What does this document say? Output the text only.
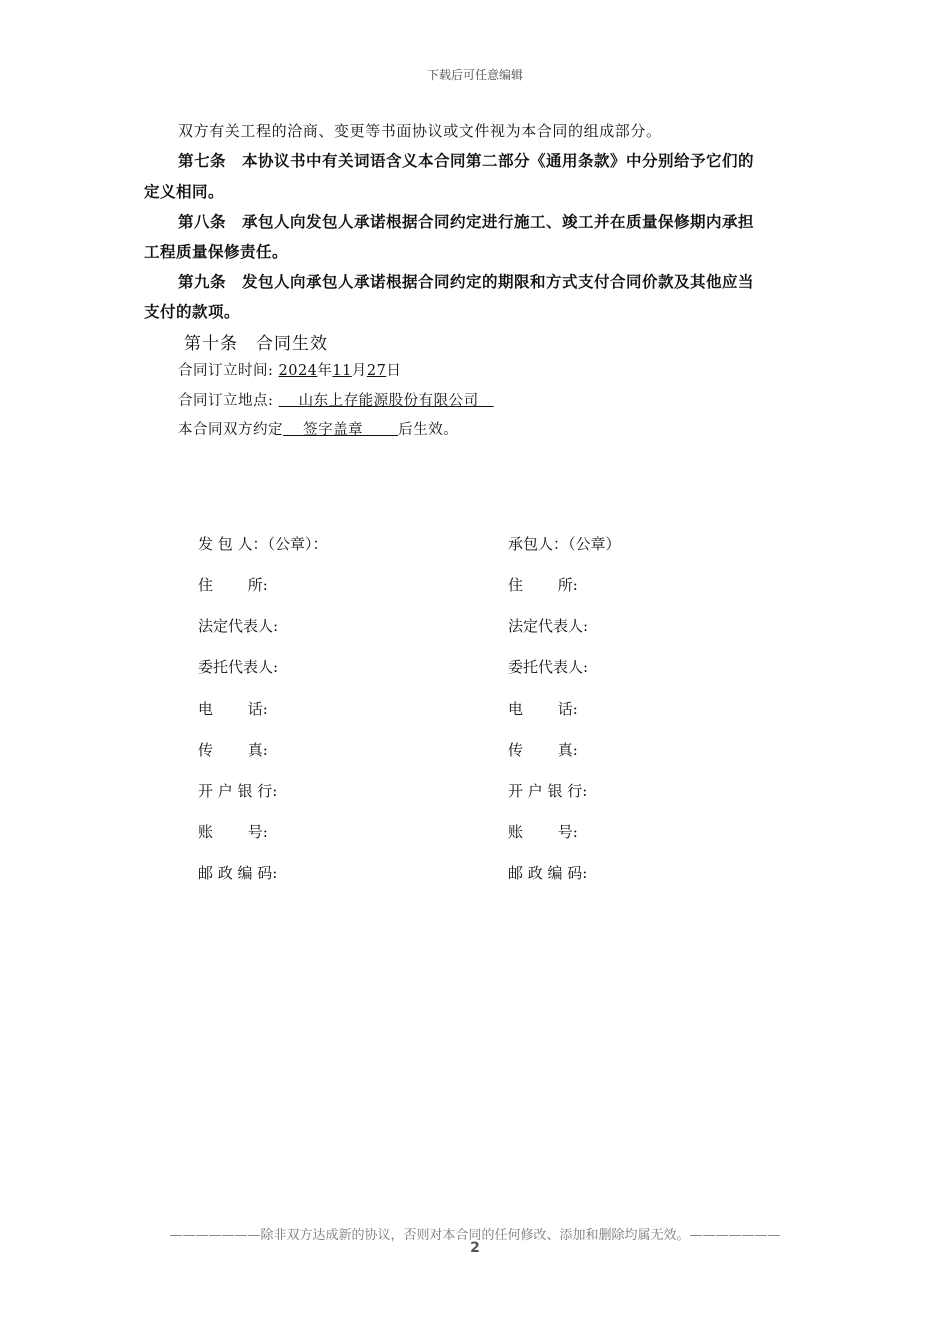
下载后可任意编辑
双方有关工程的洽商、变更等书面协议或文件视为本合同的组成部分。
第七条　本协议书中有关词语含义本合同第二部分《通用条款》中分别给予它们的
定义相同。
第八条　承包人向发包人承诺根据合同约定进行施工、竣工并在质量保修期内承担
工程质量保修责任。
第九条　发包人向承包人承诺根据合同约定的期限和方式支付合同价款及其他应当
支付的款项。
第十条　合同生效
合同订立时间: 2024年11月27日
合同订立地点: 　 山东上存能源股份有限公司　
本合同双方约定　 签字盖章　　 后生效。
发 包 人：（公章）：
住　　 所:
法定代表人:
委托代表人:
电　　 话:
传　　 真:
开 户 银 行:
账　　 号:
邮 政 编 码:
承包人：（公章）
住　　 所:
法定代表人:
委托代表人:
电　　 话:
传　　 真:
开 户 银 行:
账　　 号:
邮 政 编 码:
———————除非双方达成新的协议，否则对本合同的任何修改、添加和删除均属无效。———————
2
